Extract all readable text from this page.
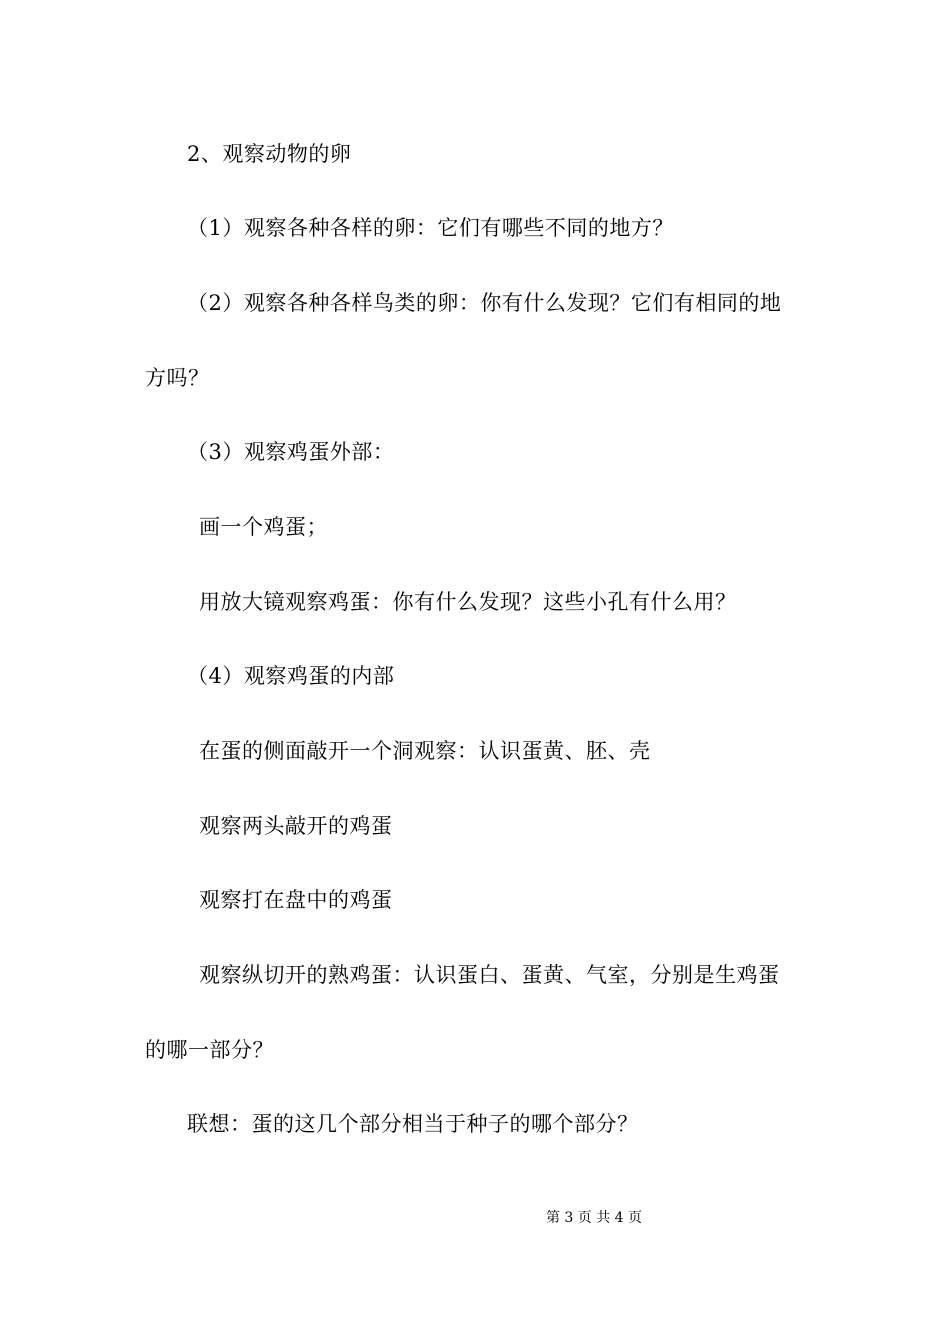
2、观察动物的卵
（1）观察各种各样的卵：它们有哪些不同的地方？
（2）观察各种各样鸟类的卵：你有什么发现？它们有相同的地
方吗？
（3）观察鸡蛋外部：
画一个鸡蛋；
用放大镜观察鸡蛋：你有什么发现？这些小孔有什么用？
（4）观察鸡蛋的内部
在蛋的侧面敲开一个洞观察：认识蛋黄、胚、壳
观察两头敲开的鸡蛋
观察打在盘中的鸡蛋
观察纵切开的熟鸡蛋：认识蛋白、蛋黄、气室，分别是生鸡蛋
的哪一部分？
联想：蛋的这几个部分相当于种子的哪个部分？
第 3 页 共 4 页
